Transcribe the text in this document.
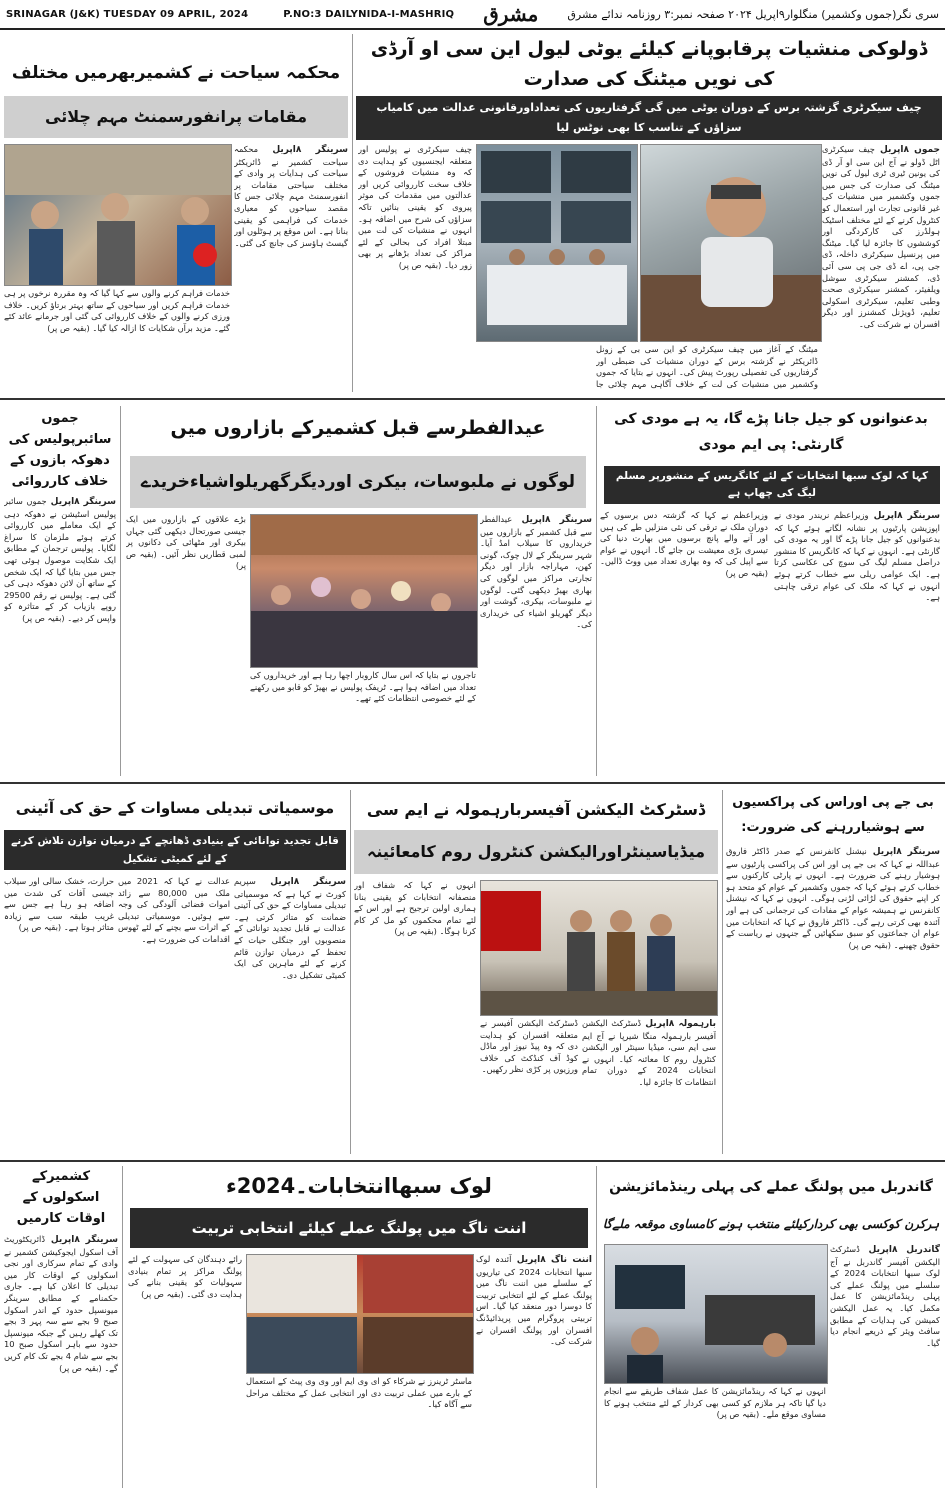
SRINAGAR (J&K) TUESDAY 09 APRIL, 2024	P.NO:3 DAILYNIDA-I-MASHRIQ مشرق	سری نگر(جموں وکشمیر) منگلوار۹اپریل ۲۰۲۴ صفحہ نمبر:۳ روزنامہ ندائے مشرق
ڈولوکی منشیات پرقابوپانے کیلئے یوٹی لیول این سی او آرڈی کی نویں میٹنگ کی صدارت
چیف سیکرٹری گزشتہ برس کے دوران یوٹی میں گی گرفتاریوں کی تعداداورقانونی عدالت میں کامیاب سزاؤں کے تناسب کا بھی نوٹس لیا
جموں ۸اپریل چیف سیکرٹری اٹل ڈولو نے آج این سی او آر ڈی کی یونین ٹیری ٹری لیول کی نویں میٹنگ کی صدارت کی جس میں جموں وکشمیر میں منشیات کی غیر قانونی تجارت اور استعمال کو کنٹرول کرنے کے لئے مختلف اسٹیک ہولڈرز کی کارکردگی اور کوششوں کا جائزہ لیا گیا۔ میٹنگ میں پرنسپل سیکرٹری داخلہ، ڈی جی پی، اے ڈی جی پی سی آئی ڈی، کمشنر سیکرٹری سوشل ویلفیئر، کمشنر سیکرٹری صحت وطبی تعلیم، سیکرٹری اسکولی تعلیم، ڈویژنل کمشنرز اور دیگر افسران نے شرکت کی۔
میٹنگ کے آغاز میں چیف سیکرٹری کو این سی بی کے زونل ڈائریکٹر نے گزشتہ برس کے دوران منشیات کی ضبطی اور گرفتاریوں کی تفصیلی رپورٹ پیش کی۔ انہوں نے بتایا کہ جموں وکشمیر میں منشیات کی لت کے خلاف آگاہی مہم چلائی جا
چیف سیکرٹری نے پولیس اور متعلقہ ایجنسیوں کو ہدایت دی کہ وہ منشیات فروشوں کے خلاف سخت کارروائی کریں اور عدالتوں میں مقدمات کی موثر پیروی کو یقینی بنائیں تاکہ سزاؤں کی شرح میں اضافہ ہو۔ انہوں نے منشیات کی لت میں مبتلا افراد کی بحالی کے لئے مراکز کی تعداد بڑھانے پر بھی زور دیا۔ (بقیہ ص پر)
محکمہ سیاحت نے کشمیربھرمیں مختلف
مقامات پرانفورسمنٹ مہم چلائی
سرینگر ۸اپریل محکمہ سیاحت کشمیر نے ڈائریکٹر سیاحت کی ہدایات پر وادی کے مختلف سیاحتی مقامات پر انفورسمنٹ مہم چلائی جس کا مقصد سیاحوں کو معیاری خدمات کی فراہمی کو یقینی بنانا ہے۔ اس موقع پر ہوٹلوں اور گیسٹ ہاؤسز کی جانچ کی گئی۔
خدمات فراہم کرنے والوں سے کہا گیا کہ وہ مقررہ نرخوں پر ہی خدمات فراہم کریں اور سیاحوں کے ساتھ بہتر برتاؤ کریں۔ خلاف ورزی کرنے والوں کے خلاف کارروائی کی گئی اور جرمانے عائد کئے گئے۔ مزید برآں شکایات کا ازالہ کیا گیا۔ (بقیہ ص پر)
بدعنوانوں کو جیل جانا پڑے گا، یہ ہے مودی کی گارنٹی: پی ایم مودی
کہا کہ لوک سبھا انتخابات کے لئے کانگریس کے منشورپر مسلم لیگ کی چھاپ ہے
سرینگر ۸اپریل وزیراعظم نریندر مودی نے اپوزیشن پارٹیوں پر نشانہ لگاتے ہوئے کہا کہ بدعنوانوں کو جیل جانا پڑے گا اور یہ مودی کی گارنٹی ہے۔ انہوں نے کہا کہ کانگریس کا منشور دراصل مسلم لیگ کی سوچ کی عکاسی کرتا ہے۔ ایک عوامی ریلی سے خطاب کرتے ہوئے انہوں نے کہا کہ ملک کی عوام ترقی چاہتی ہے۔
وزیراعظم نے کہا کہ گزشتہ دس برسوں کے دوران ملک نے ترقی کی نئی منزلیں طے کی ہیں اور آنے والے پانچ برسوں میں بھارت دنیا کی تیسری بڑی معیشت بن جائے گا۔ انہوں نے عوام سے اپیل کی کہ وہ بھاری تعداد میں ووٹ ڈالیں۔ (بقیہ ص پر)
عیدالفطرسے قبل کشمیرکے بازاروں میں
لوگوں نے ملبوسات، بیکری اوردیگرگھریلواشیاءخریدے
سرینگر ۸اپریل عیدالفطر سے قبل کشمیر کے بازاروں میں خریداروں کا سیلاب امڈ آیا۔ شہر سرینگر کے لال چوک، گونی کھن، مہاراجہ بازار اور دیگر تجارتی مراکز میں لوگوں کی بھاری بھیڑ دیکھی گئی۔ لوگوں نے ملبوسات، بیکری، گوشت اور دیگر گھریلو اشیاء کی خریداری کی۔
تاجروں نے بتایا کہ اس سال کاروبار اچھا رہا ہے اور خریداروں کی تعداد میں اضافہ ہوا ہے۔ ٹریفک پولیس نے بھیڑ کو قابو میں رکھنے کے لئے خصوصی انتظامات کئے تھے۔
بڑے علاقوں کے بازاروں میں ایک جیسی صورتحال دیکھی گئی جہاں بیکری اور مٹھائی کی دکانوں پر لمبی قطاریں نظر آئیں۔ (بقیہ ص پر)
جموں سائبرپولیس کی دھوکہ بازوں کے خلاف کارروائی
سرینگر ۸اپریل جموں سائبر پولیس اسٹیشن نے دھوکہ دہی کے ایک معاملے میں کارروائی کرتے ہوئے ملزمان کا سراغ لگایا۔ پولیس ترجمان کے مطابق ایک شکایت موصول ہوئی تھی جس میں بتایا گیا کہ ایک شخص کے ساتھ آن لائن دھوکہ دہی کی گئی ہے۔ پولیس نے رقم 29500 روپے بازیاب کر کے متاثرہ کو واپس کر دیے۔ (بقیہ ص پر)
بی جے پی اوراس کی پراکسیوں سے ہوشیاررہنے کی ضرورت:
سرینگر ۸اپریل نیشنل کانفرنس کے صدر ڈاکٹر فاروق عبداللہ نے کہا کہ بی جے پی اور اس کی پراکسی پارٹیوں سے ہوشیار رہنے کی ضرورت ہے۔ انہوں نے پارٹی کارکنوں سے خطاب کرتے ہوئے کہا کہ جموں وکشمیر کے عوام کو متحد ہو کر اپنے حقوق کی لڑائی لڑنی ہوگی۔ انہوں نے کہا کہ نیشنل کانفرنس نے ہمیشہ عوام کے مفادات کی ترجمانی کی ہے اور آئندہ بھی کرتی رہے گی۔ ڈاکٹر فاروق نے کہا کہ انتخابات میں عوام ان جماعتوں کو سبق سکھائیں گے جنہوں نے ریاست کے حقوق چھینے۔ (بقیہ ص پر)
ڈسٹرکٹ الیکشن آفیسربارہمولہ نے ایم سی
میڈیاسینٹراورالیکشن کنٹرول روم کامعائینہ
بارہمولہ ۸اپریل ڈسٹرکٹ الیکشن آفیسر بارہمولہ منگا شیرپا نے آج ایم سی ایم سی، میڈیا سینٹر اور الیکشن کنٹرول روم کا معائنہ کیا۔ انہوں نے انتخابات 2024 کے دوران تمام انتظامات کا جائزہ لیا۔
ڈسٹرکٹ الیکشن آفیسر نے متعلقہ افسران کو ہدایت دی کہ وہ پیڈ نیوز اور ماڈل کوڈ آف کنڈکٹ کی خلاف ورزیوں پر کڑی نظر رکھیں۔
انہوں نے کہا کہ شفاف اور منصفانہ انتخابات کو یقینی بنانا ہماری اولین ترجیح ہے اور اس کے لئے تمام محکموں کو مل کر کام کرنا ہوگا۔ (بقیہ ص پر)
موسمیاتی تبدیلی مساوات کے حق کی آئینی
قابل تجدید توانائی کے بنیادی ڈھانچے کے درمیان توازن تلاش کرنے کے لئے کمیٹی تشکیل
سرینگر ۸اپریل سپریم کورٹ نے کہا ہے کہ موسمیاتی تبدیلی مساوات کے حق کی آئینی ضمانت کو متاثر کرتی ہے۔ عدالت نے قابل تجدید توانائی کے منصوبوں اور جنگلی حیات کے تحفظ کے درمیان توازن قائم کرنے کے لئے ماہرین کی ایک کمیٹی تشکیل دی۔
عدالت نے کہا کہ 2021 میں ملک میں 80,000 سے زائد اموات فضائی آلودگی کی وجہ سے ہوئیں۔ موسمیاتی تبدیلی کے اثرات سے بچنے کے لئے ٹھوس اقدامات کی ضرورت ہے۔
حرارت، خشک سالی اور سیلاب جیسی آفات کی شدت میں اضافہ ہو رہا ہے جس سے غریب طبقہ سب سے زیادہ متاثر ہوتا ہے۔ (بقیہ ص پر)
گاندربل میں پولنگ عملے کی پہلی رینڈمائزیشن
ہرکرن کوکسی بھی کردارکیلئے منتخب ہونے کامساوی موقعہ ملےگا
گاندربل ۸اپریل ڈسٹرکٹ الیکشن آفیسر گاندربل نے آج لوک سبھا انتخابات 2024 کے سلسلے میں پولنگ عملے کی پہلی رینڈمائزیشن کا عمل مکمل کیا۔ یہ عمل الیکشن کمیشن کی ہدایات کے مطابق سافٹ ویئر کے ذریعے انجام دیا گیا۔
انہوں نے کہا کہ رینڈمائزیشن کا عمل شفاف طریقے سے انجام دیا گیا تاکہ ہر ملازم کو کسی بھی کردار کے لئے منتخب ہونے کا مساوی موقع ملے۔ (بقیہ ص پر)
لوک سبھاانتخابات۔2024ء
اننت ناگ میں پولنگ عملے کیلئے انتخابی تربیت
اننت ناگ ۸اپریل آئندہ لوک سبھا انتخابات 2024 کی تیاریوں کے سلسلے میں اننت ناگ میں پولنگ عملے کے لئے انتخابی تربیت کا دوسرا دور منعقد کیا گیا۔ اس تربیتی پروگرام میں پریذائیڈنگ افسران اور پولنگ افسران نے شرکت کی۔
ماسٹر ٹرینرز نے شرکاء کو ای وی ایم اور وی وی پیٹ کے استعمال کے بارے میں عملی تربیت دی اور انتخابی عمل کے مختلف مراحل سے آگاہ کیا۔
رائے دہندگان کی سہولت کے لئے پولنگ مراکز پر تمام بنیادی سہولیات کو یقینی بنانے کی ہدایت دی گئی۔ (بقیہ ص پر)
کشمیرکے اسکولوں کے اوقات کارمیں
سرینگر ۸اپریل ڈائریکٹوریٹ آف اسکول ایجوکیشن کشمیر نے وادی کے تمام سرکاری اور نجی اسکولوں کے اوقات کار میں تبدیلی کا اعلان کیا ہے۔ جاری حکمنامے کے مطابق سرینگر میونسپل حدود کے اندر اسکول صبح 9 بجے سے سہ پہر 3 بجے تک کھلے رہیں گے جبکہ میونسپل حدود سے باہر اسکول صبح 10 بجے سے شام 4 بجے تک کام کریں گے۔ (بقیہ ص پر)
